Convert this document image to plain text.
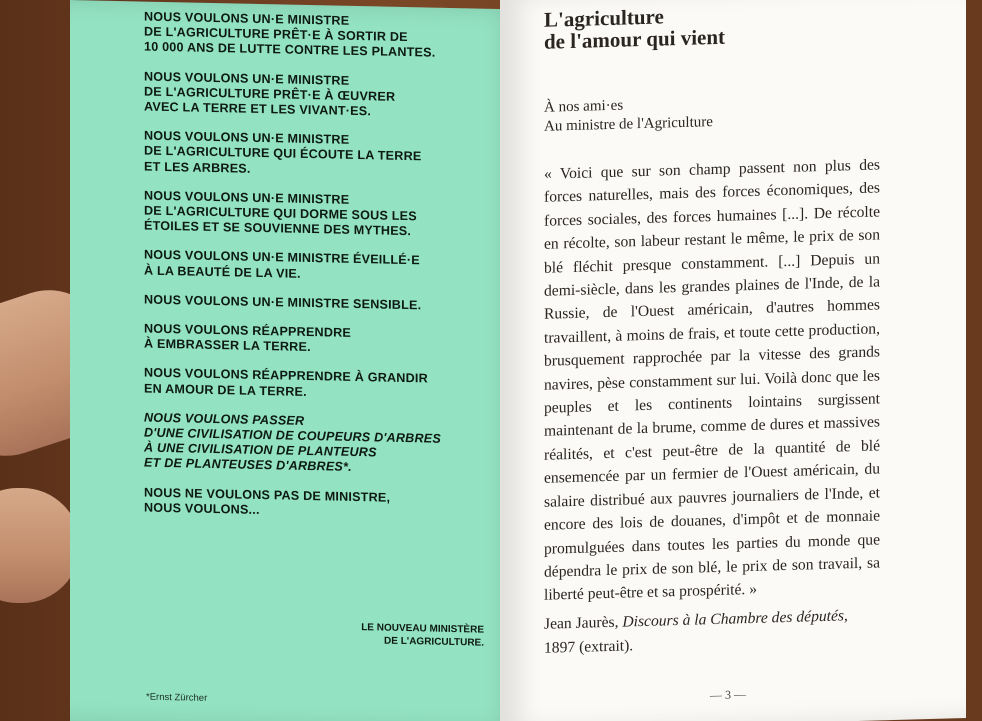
NOUS VOULONS UN·E MINISTRE
DE L'AGRICULTURE PRÊT·E À SORTIR DE
10 000 ANS DE LUTTE CONTRE LES PLANTES.

NOUS VOULONS UN·E MINISTRE
DE L'AGRICULTURE PRÊT·E À ŒUVRER
AVEC LA TERRE ET LES VIVANT·ES.

NOUS VOULONS UN·E MINISTRE
DE L'AGRICULTURE QUI ÉCOUTE LA TERRE
ET LES ARBRES.

NOUS VOULONS UN·E MINISTRE
DE L'AGRICULTURE QUI DORME SOUS LES
ÉTOILES ET SE SOUVIENNE DES MYTHES.

NOUS VOULONS UN·E MINISTRE ÉVEILLÉ·E
À LA BEAUTÉ DE LA VIE.

NOUS VOULONS UN·E MINISTRE SENSIBLE.

NOUS VOULONS RÉAPPRENDRE
À EMBRASSER LA TERRE.

NOUS VOULONS RÉAPPRENDRE À GRANDIR
EN AMOUR DE LA TERRE.

NOUS VOULONS PASSER
D'UNE CIVILISATION DE COUPEURS D'ARBRES
À UNE CIVILISATION DE PLANTEURS
ET DE PLANTEUSES D'ARBRES*.

NOUS NE VOULONS PAS DE MINISTRE,
NOUS VOULONS...

LE NOUVEAU MINISTÈRE
DE L'AGRICULTURE.
*Ernst Zürcher
L'agriculture
de l'amour qui vient
À nos ami·es
Au ministre de l'Agriculture

« Voici que sur son champ passent non plus des forces naturelles, mais des forces économiques, des forces sociales, des forces humaines [...]. De récolte en récolte, son labeur restant le même, le prix de son blé fléchit presque constamment. [...] Depuis un demi-siècle, dans les grandes plaines de l'Inde, de la Russie, de l'Ouest américain, d'autres hommes travaillent, à moins de frais, et toute cette production, brusquement rapprochée par la vitesse des grands navires, pèse constamment sur lui. Voilà donc que les peuples et les continents lointains surgissent maintenant de la brume, comme de dures et massives réalités, et c'est peut-être de la quantité de blé ensemencée par un fermier de l'Ouest américain, du salaire distribué aux pauvres journaliers de l'Inde, et encore des lois de douanes, d'impôt et de monnaie promulguées dans toutes les parties du monde que dépendra le prix de son blé, le prix de son travail, sa liberté peut-être et sa prospérité. »

Jean Jaurès, Discours à la Chambre des députés,
1897 (extrait).
— 3 —
